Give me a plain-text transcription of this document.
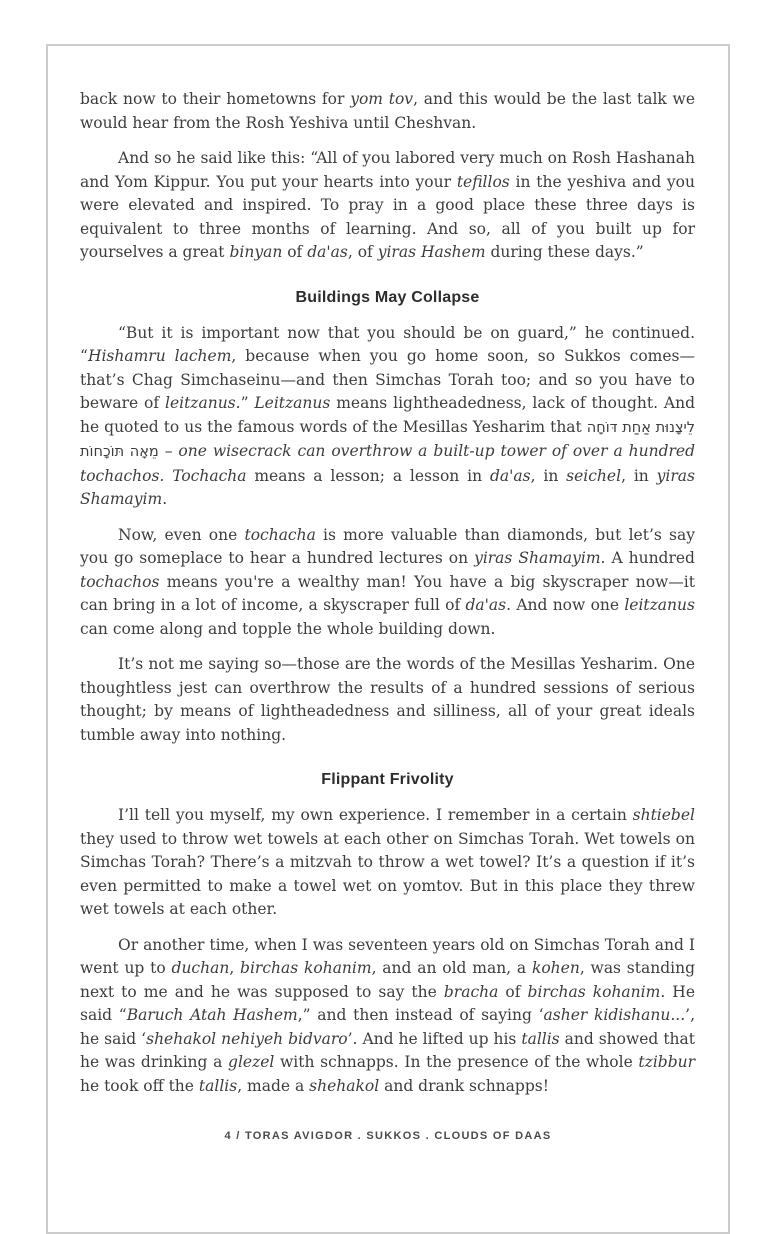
back now to their hometowns for yom tov, and this would be the last talk we would hear from the Rosh Yeshiva until Cheshvan.

And so he said like this: “All of you labored very much on Rosh Hashanah and Yom Kippur. You put your hearts into your tefillos in the yeshiva and you were elevated and inspired. To pray in a good place these three days is equivalent to three months of learning. And so, all of you built up for yourselves a great binyan of da'as, of yiras Hashem during these days.”

Buildings May Collapse

“But it is important now that you should be on guard,” he continued. “Hishamru lachem, because when you go home soon, so Sukkos comes—that’s Chag Simchaseinu—and then Simchas Torah too; and so you have to beware of leitzanus.” Leitzanus means lightheadedness, lack of thought. And he quoted to us the famous words of the Mesillas Yesharim that לֵיצָנוּת אַחַת דּוֹחָה מֵאָה תּוֹכָחוֹת – one wisecrack can overthrow a built-up tower of over a hundred tochachos. Tochacha means a lesson; a lesson in da'as, in seichel, in yiras Shamayim.

Now, even one tochacha is more valuable than diamonds, but let’s say you go someplace to hear a hundred lectures on yiras Shamayim. A hundred tochachos means you're a wealthy man! You have a big skyscraper now—it can bring in a lot of income, a skyscraper full of da'as. And now one leitzanus can come along and topple the whole building down.

It’s not me saying so—those are the words of the Mesillas Yesharim. One thoughtless jest can overthrow the results of a hundred sessions of serious thought; by means of lightheadedness and silliness, all of your great ideals tumble away into nothing.

Flippant Frivolity

I’ll tell you myself, my own experience. I remember in a certain shtiebel they used to throw wet towels at each other on Simchas Torah. Wet towels on Simchas Torah? There’s a mitzvah to throw a wet towel? It’s a question if it’s even permitted to make a towel wet on yomtov. But in this place they threw wet towels at each other.

Or another time, when I was seventeen years old on Simchas Torah and I went up to duchan, birchas kohanim, and an old man, a kohen, was standing next to me and he was supposed to say the bracha of birchas kohanim. He said “Baruch Atah Hashem,” and then instead of saying ‘asher kidishanu...’, he said ‘shehakol nehiyeh bidvaro’. And he lifted up his tallis and showed that he was drinking a glezel with schnapps. In the presence of the whole tzibbur he took off the tallis, made a shehakol and drank schnapps!

4 / TORAS AVIGDOR . SUKKOS . CLOUDS OF DAAS
